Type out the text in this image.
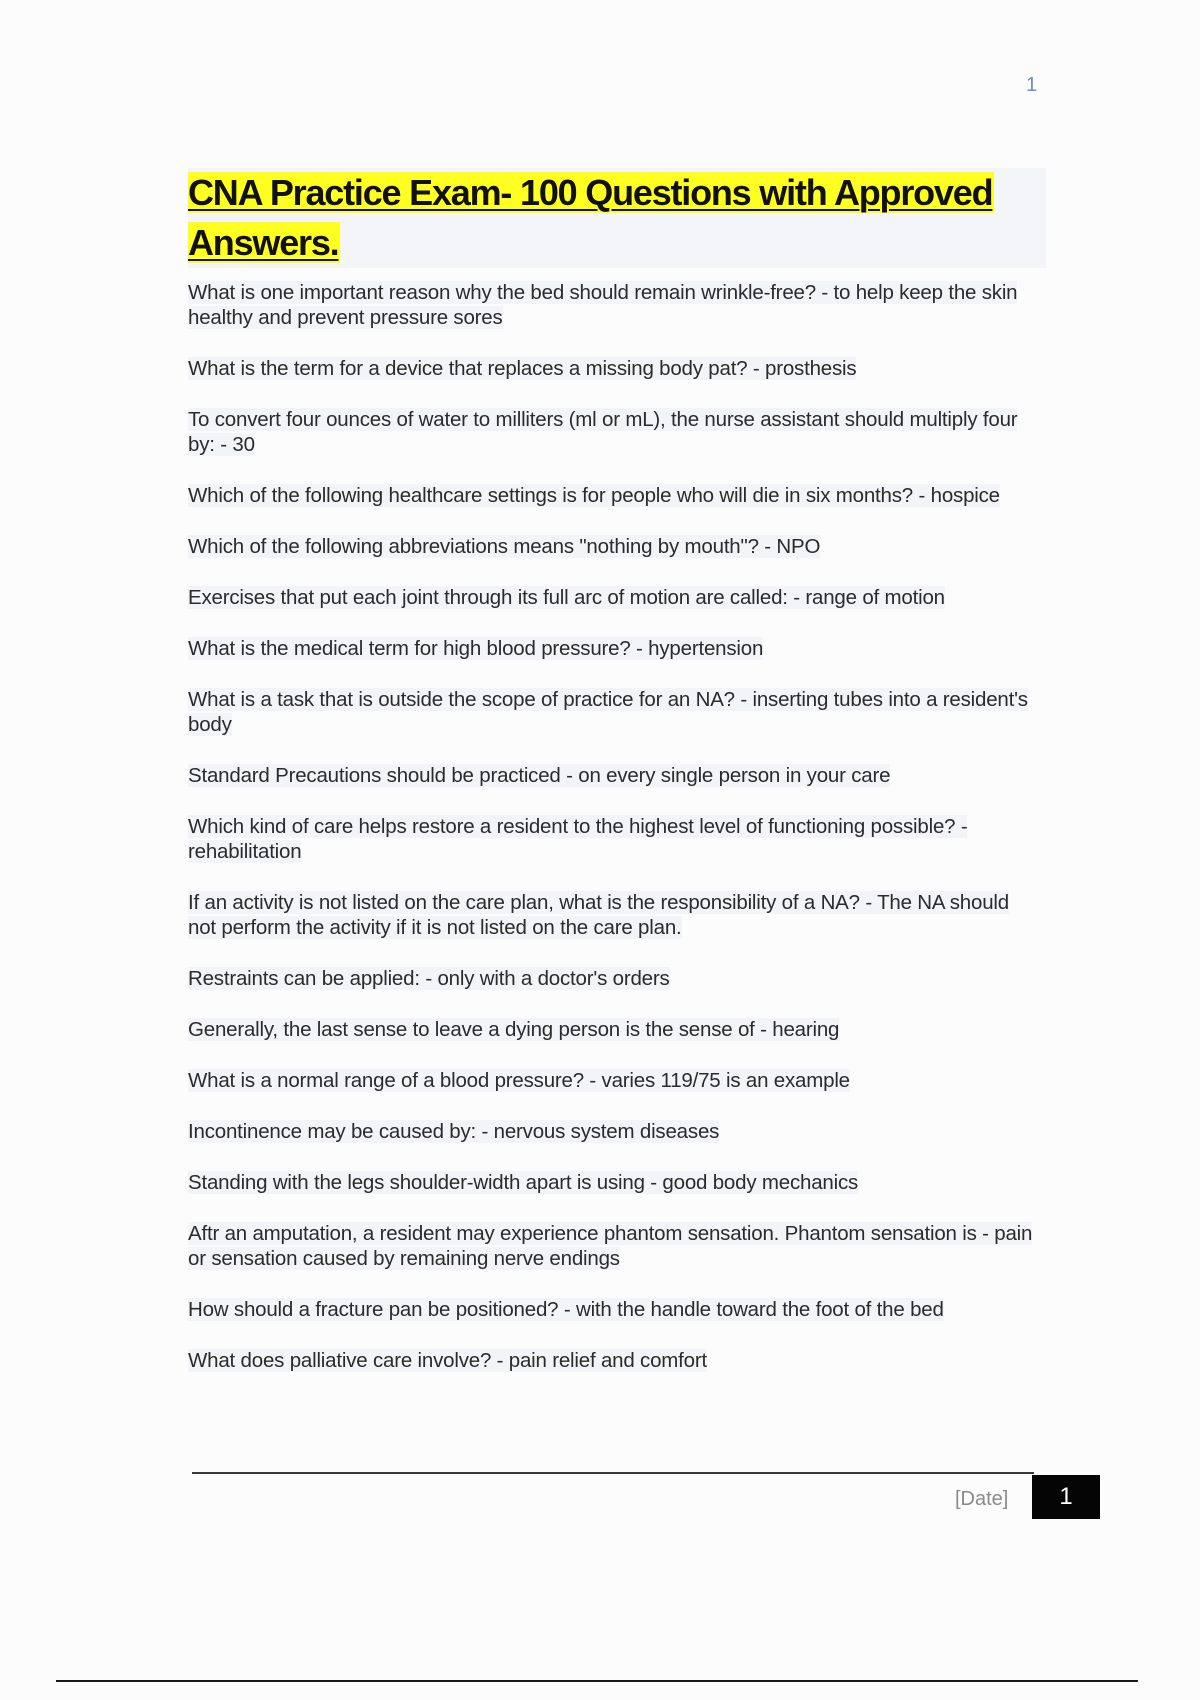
1
CNA Practice Exam- 100 Questions with Approved Answers.
What is one important reason why the bed should remain wrinkle-free? - to help keep the skin healthy and prevent pressure sores
What is the term for a device that replaces a missing body pat? - prosthesis
To convert four ounces of water to milliters (ml or mL), the nurse assistant should multiply four by: - 30
Which of the following healthcare settings is for people who will die in six months? - hospice
Which of the following abbreviations means "nothing by mouth"? - NPO
Exercises that put each joint through its full arc of motion are called: - range of motion
What is the medical term for high blood pressure? - hypertension
What is a task that is outside the scope of practice for an NA? - inserting tubes into a resident's body
Standard Precautions should be practiced - on every single person in your care
Which kind of care helps restore a resident to the highest level of functioning possible? - rehabilitation
If an activity is not listed on the care plan, what is the responsibility of a NA? - The NA should not perform the activity if it is not listed on the care plan.
Restraints can be applied: - only with a doctor's orders
Generally, the last sense to leave a dying person is the sense of - hearing
What is a normal range of a blood pressure? - varies 119/75 is an example
Incontinence may be caused by: - nervous system diseases
Standing with the legs shoulder-width apart is using - good body mechanics
Aftr an amputation, a resident may experience phantom sensation. Phantom sensation is - pain or sensation caused by remaining nerve endings
How should a fracture pan be positioned? - with the handle toward the foot of the bed
What does palliative care involve? - pain relief and comfort
[Date]	1
